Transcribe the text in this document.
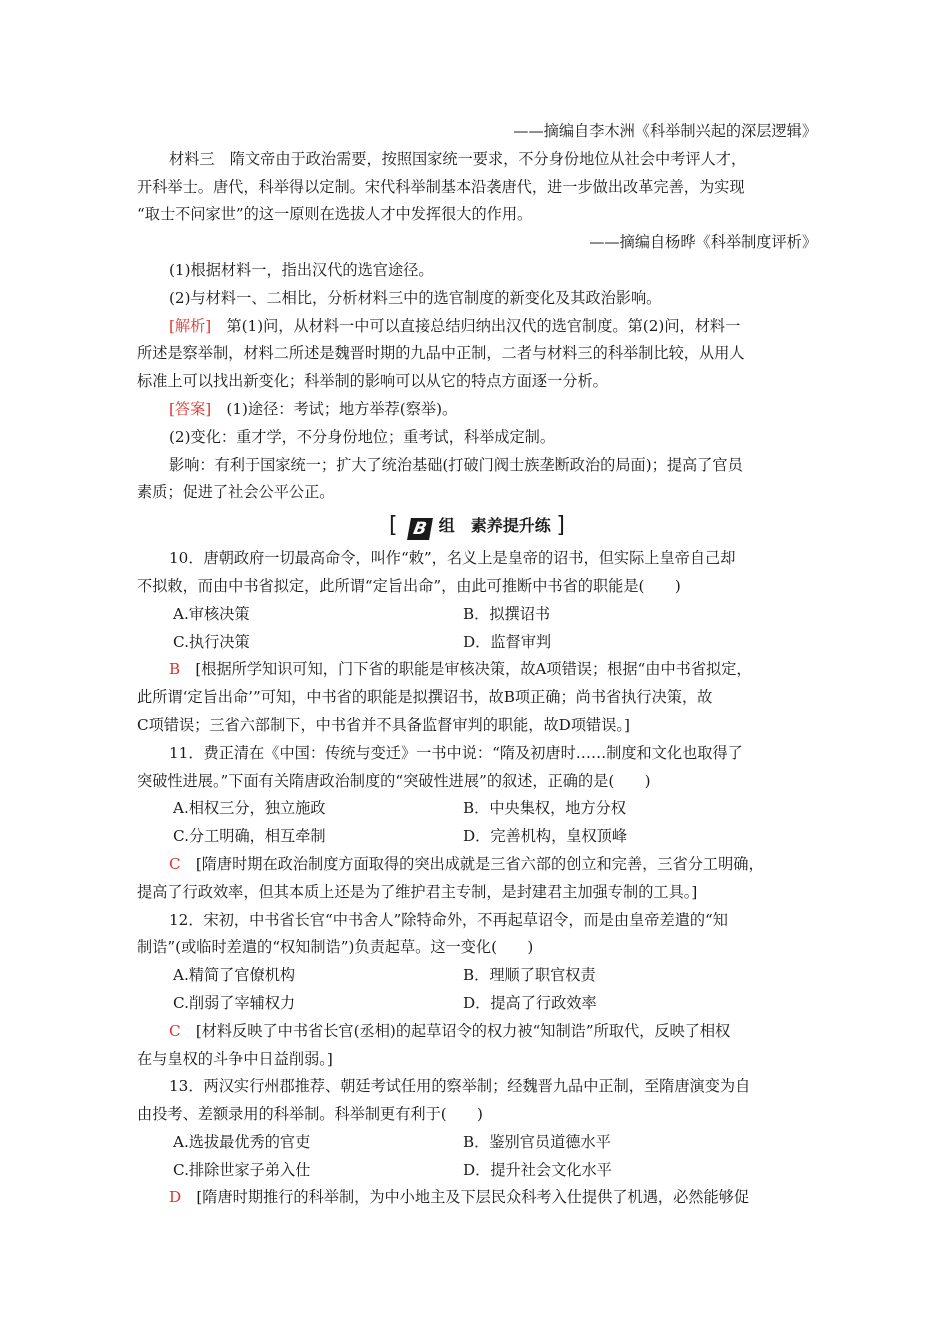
——摘编自李木洲《科举制兴起的深层逻辑》
材料三　隋文帝由于政治需要，按照国家统一要求，不分身份地位从社会中考评人才，
开科举士。唐代，科举得以定制。宋代科举制基本沿袭唐代，进一步做出改革完善，为实现
“取士不问家世”的这一原则在选拔人才中发挥很大的作用。
——摘编自杨晔《科举制度评析》
(1)根据材料一，指出汉代的选官途径。
(2)与材料一、二相比，分析材料三中的选官制度的新变化及其政治影响。
[解析]　第(1)问，从材料一中可以直接总结归纳出汉代的选官制度。第(2)问，材料一
所述是察举制，材料二所述是魏晋时期的九品中正制，二者与材料三的科举制比较，从用人
标准上可以找出新变化；科举制的影响可以从它的特点方面逐一分析。
[答案]　(1)途径：考试；地方举荐(察举)。
(2)变化：重才学，不分身份地位；重考试，科举成定制。
影响：有利于国家统一；扩大了统治基础(打破门阀士族垄断政治的局面)；提高了官员
素质；促进了社会公平公正。
[ B 组　素养提升练 ]
10．唐朝政府一切最高命令，叫作“敕”，名义上是皇帝的诏书，但实际上皇帝自己却
不拟敕，而由中书省拟定，此所谓“定旨出命”，由此可推断中书省的职能是(　　)
A.审核决策	B．拟撰诏书
C.执行决策	D．监督审判
B　[根据所学知识可知，门下省的职能是审核决策，故A项错误；根据“由中书省拟定，
此所谓‘定旨出命’”可知，中书省的职能是拟撰诏书，故B项正确；尚书省执行决策，故
C项错误；三省六部制下，中书省并不具备监督审判的职能，故D项错误。]
11．费正清在《中国：传统与变迁》一书中说：“隋及初唐时……制度和文化也取得了
突破性进展。”下面有关隋唐政治制度的“突破性进展”的叙述，正确的是(　　)
A.相权三分，独立施政	B．中央集权，地方分权
C.分工明确，相互牵制	D．完善机构，皇权顶峰
C　[隋唐时期在政治制度方面取得的突出成就是三省六部的创立和完善，三省分工明确，
提高了行政效率，但其本质上还是为了维护君主专制，是封建君主加强专制的工具。]
12．宋初，中书省长官“中书舍人”除特命外，不再起草诏令，而是由皇帝差遣的“知
制诰”(或临时差遣的“权知制诰”)负责起草。这一变化(　　)
A.精简了官僚机构	B．理顺了职官权责
C.削弱了宰辅权力	D．提高了行政效率
C　[材料反映了中书省长官(丞相)的起草诏令的权力被“知制诰”所取代，反映了相权
在与皇权的斗争中日益削弱。]
13．两汉实行州郡推荐、朝廷考试任用的察举制；经魏晋九品中正制，至隋唐演变为自
由投考、差额录用的科举制。科举制更有利于(　　)
A.选拔最优秀的官吏	B．鉴别官员道德水平
C.排除世家子弟入仕	D．提升社会文化水平
D　[隋唐时期推行的科举制，为中小地主及下层民众科考入仕提供了机遇，必然能够促
